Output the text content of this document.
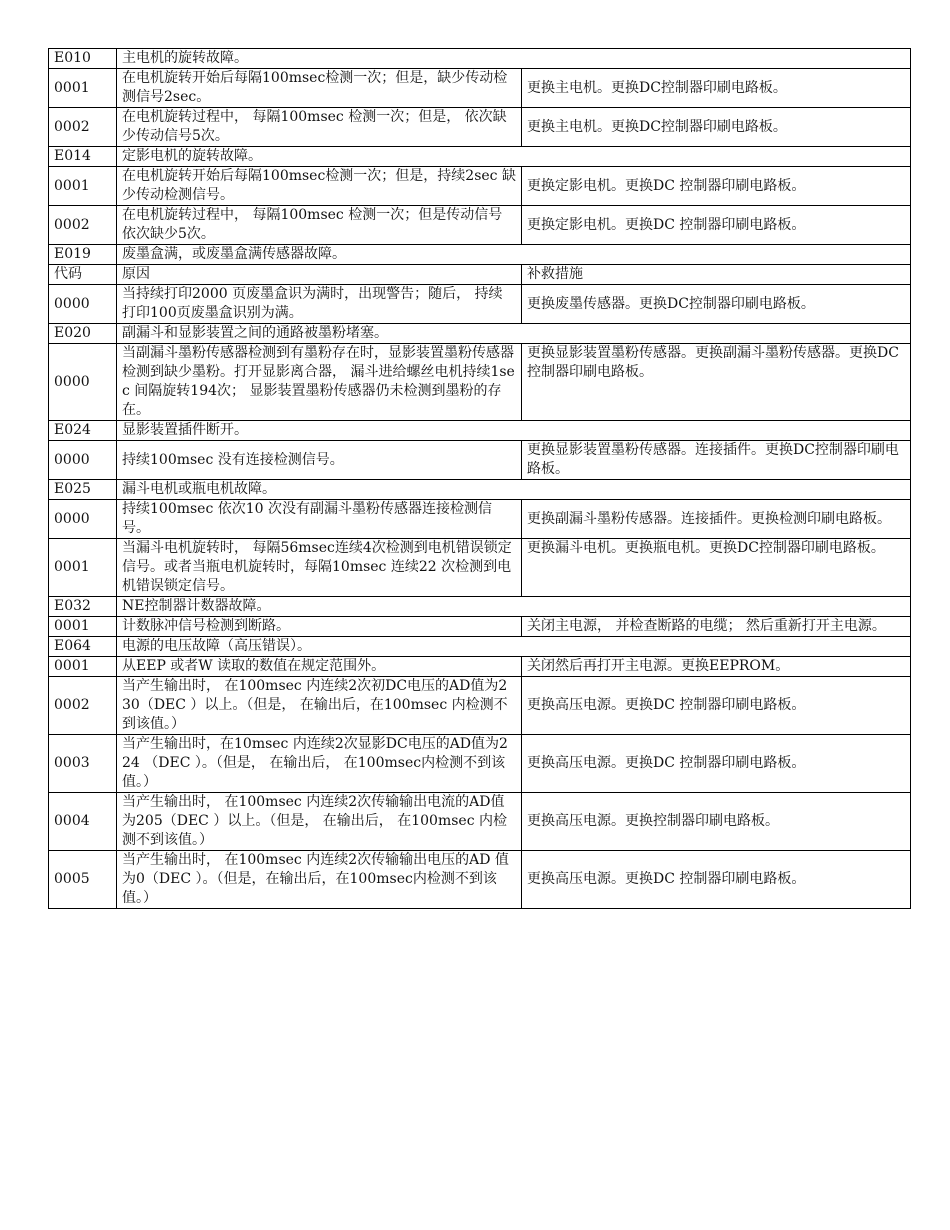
E010	主电机的旋转故障。	
0001	在电机旋转开始后每隔100msec检测一次；但是，缺少传动检测信号2sec。	更换主电机。更换DC控制器印刷电路板。
0002	在电机旋转过程中， 每隔100msec 检测一次；但是， 依次缺少传动信号5次。	更换主电机。更换DC控制器印刷电路板。
E014	定影电机的旋转故障。	
0001	在电机旋转开始后每隔100msec检测一次；但是，持续2sec 缺少传动检测信号。	更换定影电机。更换DC 控制器印刷电路板。
0002	在电机旋转过程中， 每隔100msec 检测一次；但是传动信号依次缺少5次。	更换定影电机。更换DC 控制器印刷电路板。
E019	废墨盒满，或废墨盒满传感器故障。	
代码	原因	补救措施
0000	当持续打印2000 页废墨盒识为满时，出现警告；随后， 持续打印100页废墨盒识别为满。	更换废墨传感器。更换DC控制器印刷电路板。
E020	副漏斗和显影装置之间的通路被墨粉堵塞。	
0000	当副漏斗墨粉传感器检测到有墨粉存在时，显影装置墨粉传感器检测到缺少墨粉。打开显影离合器， 漏斗进给螺丝电机持续1sec 间隔旋转194次； 显影装置墨粉传感器仍未检测到墨粉的存在。	更换显影装置墨粉传感器。更换副漏斗墨粉传感器。更换DC 控制器印刷电路板。
E024	显影装置插件断开。	
0000	持续100msec 没有连接检测信号。	更换显影装置墨粉传感器。连接插件。更换DC控制器印刷电路板。
E025	漏斗电机或瓶电机故障。	
0000	持续100msec 依次10 次没有副漏斗墨粉传感器连接检测信号。	更换副漏斗墨粉传感器。连接插件。更换检测印刷电路板。
0001	当漏斗电机旋转时， 每隔56msec连续4次检测到电机错误锁定信号。或者当瓶电机旋转时，每隔10msec 连续22 次检测到电机错误锁定信号。	更换漏斗电机。更换瓶电机。更换DC控制器印刷电路板。
E032	NE控制器计数器故障。	
0001	计数脉冲信号检测到断路。	关闭主电源， 并检查断路的电缆； 然后重新打开主电源。
E064	电源的电压故障（高压错误）。	
0001	从EEP 或者W 读取的数值在规定范围外。	关闭然后再打开主电源。更换EEPROM。
0002	当产生输出时， 在100msec 内连续2次初DC电压的AD值为230（DEC ）以上。（但是， 在输出后，在100msec 内检测不到该值。）	更换高压电源。更换DC 控制器印刷电路板。
0003	当产生输出时，在10msec 内连续2次显影DC电压的AD值为224 （DEC ）。（但是， 在输出后， 在100msec内检测不到该值。）	更换高压电源。更换DC 控制器印刷电路板。
0004	当产生输出时， 在100msec 内连续2次传输输出电流的AD值为205（DEC ）以上。（但是， 在输出后， 在100msec 内检测不到该值。）	更换高压电源。更换控制器印刷电路板。
0005	当产生输出时， 在100msec 内连续2次传输输出电压的AD 值为0（DEC ）。（但是，在输出后，在100msec内检测不到该值。）	更换高压电源。更换DC 控制器印刷电路板。
